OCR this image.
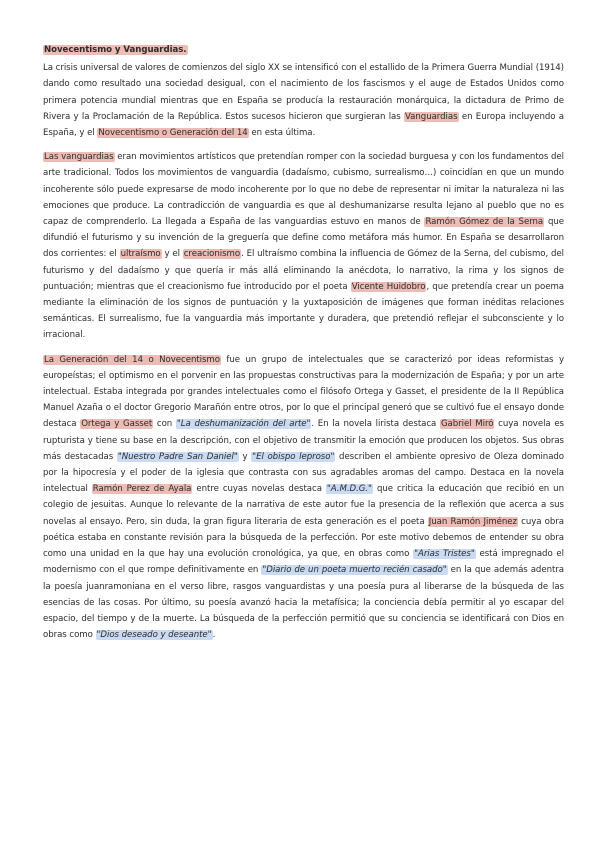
Novecentismo y Vanguardias.

La crisis universal de valores de comienzos del siglo XX se intensificó con el estallido de la Primera Guerra Mundial (1914) dando como resultado una sociedad desigual, con el nacimiento de los fascismos y el auge de Estados Unidos como primera potencia mundial mientras que en España se producía la restauración monárquica, la dictadura de Primo de Rivera y la Proclamación de la República. Estos sucesos hicieron que surgieran las Vanguardias en Europa incluyendo a España, y el Novecentismo o Generación del 14 en esta última.

Las vanguardias eran movimientos artísticos que pretendían romper con la sociedad burguesa y con los fundamentos del arte tradicional. Todos los movimientos de vanguardia (dadaísmo, cubismo, surrealismo…) coincidían en que un mundo incoherente sólo puede expresarse de modo incoherente por lo que no debe de representar ni imitar la naturaleza ni las emociones que produce. La contradicción de vanguardia es que al deshumanizarse resulta lejano al pueblo que no es capaz de comprenderlo. La llegada a España de las vanguardias estuvo en manos de Ramón Gómez de la Serna que difundió el futurismo y su invención de la greguería que define como metáfora más humor. En España se desarrollaron dos corrientes: el ultraísmo y el creacionismo. El ultraísmo combina la influencia de Gómez de la Serna, del cubismo, del futurismo y del dadaísmo y que quería ir más allá eliminando la anécdota, lo narrativo, la rima y los signos de puntuación; mientras que el creacionismo fue introducido por el poeta Vicente Huidobro, que pretendía crear un poema mediante la eliminación de los signos de puntuación y la yuxtaposición de imágenes que forman inéditas relaciones semánticas. El surrealismo, fue la vanguardia más importante y duradera, que pretendió reflejar el subconsciente y lo irracional.

La Generación del 14 o Novecentismo fue un grupo de intelectuales que se caracterizó por ideas reformistas y europeístas; el optimismo en el porvenir en las propuestas constructivas para la modernización de España; y por un arte intelectual. Estaba integrada por grandes intelectuales como el filósofo Ortega y Gasset, el presidente de la II República Manuel Azaña o el doctor Gregorio Marañón entre otros, por lo que el principal generó que se cultivó fue el ensayo donde destaca Ortega y Gasset con "La deshumanización del arte". En la novela lirista destaca Gabriel Miró cuya novela es rupturista y tiene su base en la descripción, con el objetivo de transmitir la emoción que producen los objetos. Sus obras más destacadas "Nuestro Padre San Daniel" y "El obispo leproso" describen el ambiente opresivo de Oleza dominado por la hipocresía y el poder de la iglesia que contrasta con sus agradables aromas del campo. Destaca en la novela intelectual Ramón Perez de Ayala entre cuyas novelas destaca "A.M.D.G." que critica la educación que recibió en un colegio de jesuitas. Aunque lo relevante de la narrativa de este autor fue la presencia de la reflexión que acerca a sus novelas al ensayo. Pero, sin duda, la gran figura literaria de esta generación es el poeta Juan Ramón Jiménez cuya obra poética estaba en constante revisión para la búsqueda de la perfección. Por este motivo debemos de entender su obra como una unidad en la que hay una evolución cronológica, ya que, en obras como "Arias Tristes" está impregnado el modernismo con el que rompe definitivamente en "Diario de un poeta muerto recién casado" en la que además adentra la poesía juanramoniana en el verso libre, rasgos vanguardistas y una poesía pura al liberarse de la búsqueda de las esencias de las cosas. Por último, su poesía avanzó hacia la metafísica; la conciencia debía permitir al yo escapar del espacio, del tiempo y de la muerte. La búsqueda de la perfección permitió que su conciencia se identificará con Dios en obras como "Dios deseado y deseante".
